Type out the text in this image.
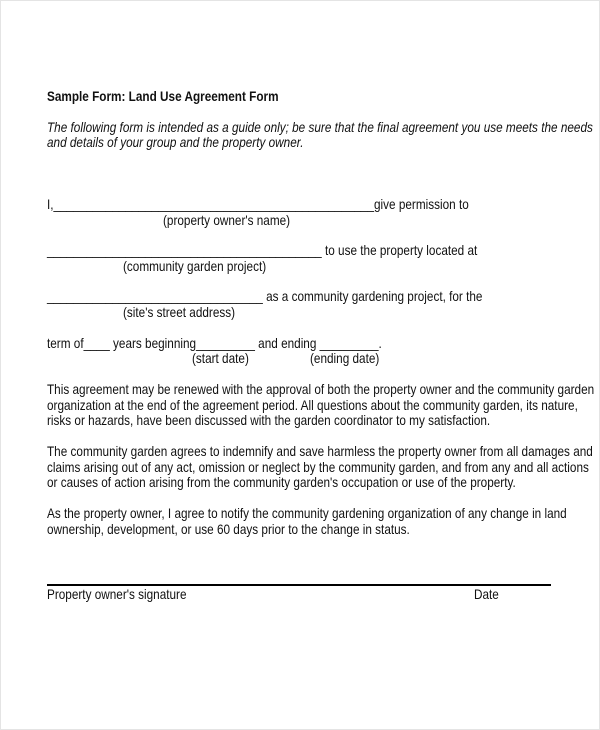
Sample Form: Land Use Agreement Form
The following form is intended as a guide only; be sure that the final agreement you use meets the needs
and details of your group and the property owner.
I,_________________________________________________give permission to
(property owner's name)
__________________________________________ to use the property located at
(community garden project)
_________________________________ as a community gardening project, for the
(site's street address)
term of____ years beginning_________ and ending _________.
(start date)	(ending date)
This agreement may be renewed with the approval of both the property owner and the community garden
organization at the end of the agreement period. All questions about the community garden, its nature,
risks or hazards, have been discussed with the garden coordinator to my satisfaction.
The community garden agrees to indemnify and save harmless the property owner from all damages and
claims arising out of any act, omission or neglect by the community garden, and from any and all actions
or causes of action arising from the community garden's occupation or use of the property.
As the property owner, I agree to notify the community gardening organization of any change in land
ownership, development, or use 60 days prior to the change in status.
Property owner's signature	Date
